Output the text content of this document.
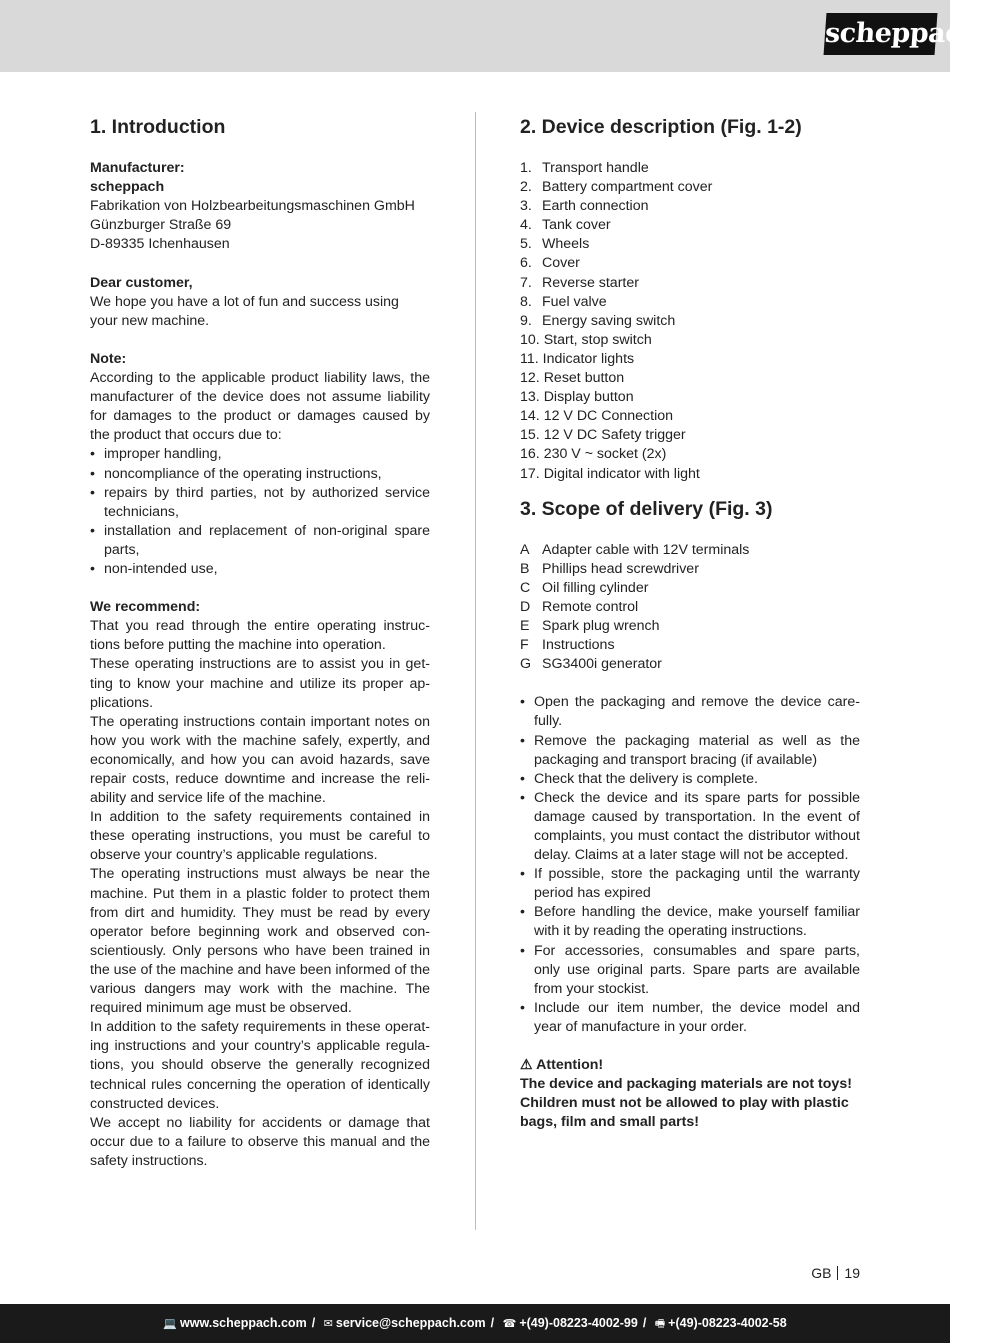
scheppach
1. Introduction
Manufacturer:
scheppach
Fabrikation von Holzbearbeitungsmaschinen GmbH
Günzburger Straße 69
D-89335 Ichenhausen
Dear customer,

We hope you have a lot of fun and success using your new machine.

Note:

According to the applicable product liability laws, the manufacturer of the device does not assume liability for damages to the product or damages caused by the product that occurs due to:

• improper handling,
• noncompliance of the operating instructions,
• repairs by third parties, not by authorized service technicians,
• installation and replacement of non-original spare parts,
• non-intended use,
We recommend:

That you read through the entire operating instructions before putting the machine into operation.

These operating instructions are to assist you in getting to know your machine and utilize its proper applications.

The operating instructions contain important notes on how you work with the machine safely, expertly, and economically, and how you can avoid hazards, save repair costs, reduce downtime and increase the reliability and service life of the machine.

In addition to the safety requirements contained in these operating instructions, you must be careful to observe your country’s applicable regulations.

The operating instructions must always be near the machine. Put them in a plastic folder to protect them from dirt and humidity. They must be read by every operator before beginning work and observed conscientiously. Only persons who have been trained in the use of the machine and have been informed of the various dangers may work with the machine. The required minimum age must be observed.

In addition to the safety requirements in these operating instructions and your country’s applicable regulations, you should observe the generally recognized technical rules concerning the operation of identically constructed devices.

We accept no liability for accidents or damage that occur due to a failure to observe this manual and the safety instructions.

2. Device description (Fig. 1-2)
1. Transport handle
2. Battery compartment cover
3. Earth connection
4. Tank cover
5. Wheels
6. Cover
7. Reverse starter
8. Fuel valve
9. Energy saving switch
10.
Start, stop switch
11.
Indicator lights
12.
Reset button
13.
Display button
14.
12 V DC Connection
15.
12 V DC Safety trigger
16.
230 V ~ socket (2x)
17.
Digital indicator with light
3. Scope of delivery (Fig. 3)
A Adapter cable with 12V terminals
B Phillips head screwdriver
C Oil filling cylinder
D Remote control
E Spark plug wrench
F Instructions
G SG3400i generator
• Open the packaging and remove the device carefully.
• Remove the packaging material as well as the packaging and transport bracing (if available)
• Check that the delivery is complete.
• Check the device and its spare parts for possible damage caused by transportation. In the event of complaints, you must contact the distributor without delay. Claims at a later stage will not be accepted.
• If possible, store the packaging until the warranty period has expired
• Before handling the device, make yourself familiar with it by reading the operating instructions.
• For accessories, consumables and spare parts, only use original parts. Spare parts are available from your stockist.
• Include our item number, the device model and year of manufacture in your order.
⚠ Attention!

The device and packaging materials are not toys! Children must not be allowed to play with plastic bags, film and small parts!

GB 19
💻 www.scheppach.com / ✉ service@scheppach.com / ☎ +(49)-08223-4002-99 / 🖷 +(49)-08223-4002-58
